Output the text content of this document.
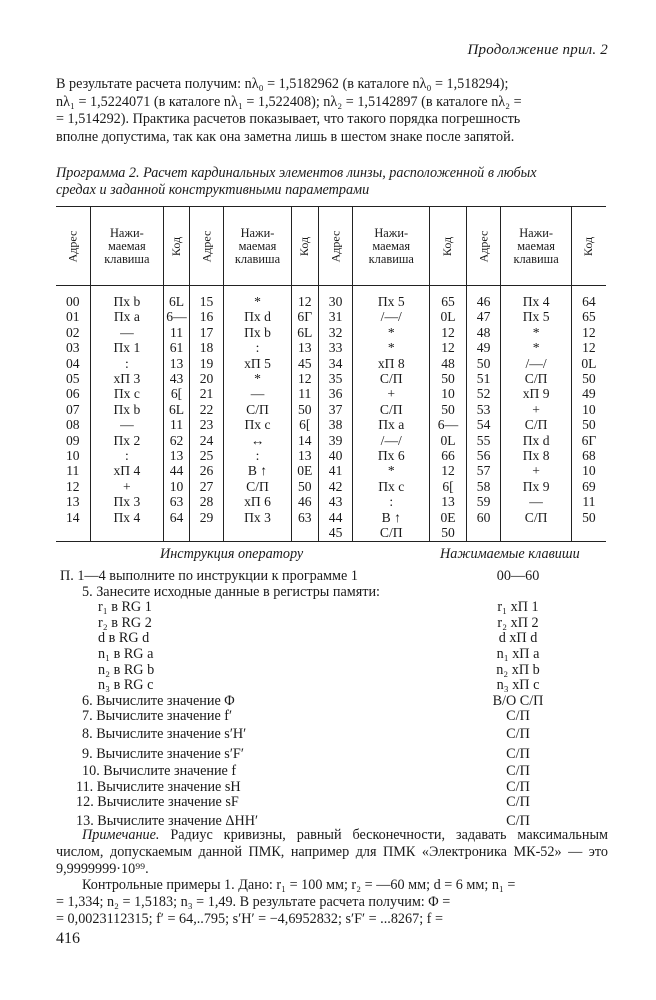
Продолжение прил. 2

В результате расчета получим: nλ₀ = 1,5182962 (в каталоге nλ₀ = 1,518294);

nλ₁ = 1,5224071 (в каталоге nλ₁ = 1,522408); nλ₂ = 1,5142897 (в каталоге nλ₂ =

= 1,514292). Практика расчетов показывает, что такого порядка погрешность

вполне допустима, так как она заметна лишь в шестом знаке после запятой.

Программа 2. Расчет кардинальных элементов линзы, расположенной в любых
средах и заданной конструктивными параметрами
Адрес	Нажи-
маемая
клавиша	Код	Адрес	Нажи-
маемая
клавиша	Код	Адрес	Нажи-
маемая
клавиша	Код	Адрес	Нажи-
маемая
клавиша	Код
00	Пх b	6L	15	*	12	30	Пх 5	65	46	Пх 4	64
01	Пх a	6—	16	Пх d	6Г	31	/—/	0L	47	Пх 5	65
02	—	11	17	Пх b	6L	32	*	12	48	*	12
03	Пх 1	61	18	:	13	33	*	12	49	*	12
04	:	13	19	хП 5	45	34	хП 8	48	50	/—/	0L
05	хП 3	43	20	*	12	35	С/П	50	51	С/П	50
06	Пх с	6[	21	—	11	36	+	10	52	хП 9	49
07	Пх b	6L	22	С/П	50	37	С/П	50	53	+	10
08	—	11	23	Пх с	6[	38	Пх a	6—	54	С/П	50
09	Пх 2	62	24	↔	14	39	/—/	0L	55	Пх d	6Г
10	:	13	25	:	13	40	Пх 6	66	56	Пх 8	68
11	хП 4	44	26	В ↑	0E	41	*	12	57	+	10
12	+	10	27	С/П	50	42	Пх с	6[	58	Пх 9	69
13	Пх 3	63	28	хП 6	46	43	:	13	59	—	11
14	Пх 4	64	29	Пх 3	63	44	В ↑	0E	60	С/П	50
						45	С/П	50			
Инструкция оператору	Нажимаемые клавиши
П. 1—4 выполните по инструкции к программе 1	00—60
5. Занесите исходные данные в регистры памяти:
r₁ в RG 1	r₁ хП 1
r₂ в RG 2	r₂ хП 2
d в RG d	d хП d
n₁ в RG a	n₁ хП a
n₂ в RG b	n₂ хП b
n₃ в RG c	n₃ хП с
6. Вычислите значение Φ	В/О С/П
7. Вычислите значение f′	С/П
8. Вычислите значение s′H′	С/П
9. Вычислите значение s′F′	С/П
10. Вычислите значение f	С/П
11. Вычислите значение sH	С/П
12. Вычислите значение sF	С/П
13. Вычислите значение ΔHH′	С/П

Примечание. Радиус кривизны, равный бесконечности, задавать максимальным числом, допускаемым данной ПМК, например для ПМК «Электроника МК-52» — это 9,9999999·10⁹⁹.

Контрольные примеры 1. Дано: r₁ = 100 мм; r₂ = —60 мм; d = 6 мм; n₁ =

= 1,334; n₂ = 1,5183; n₃ = 1,49. В результате расчета получим: Φ =

= 0,0023112315; f′ = 64,..795; s′H′ = −4,6952832; s′F′ = ...8267; f =

416
